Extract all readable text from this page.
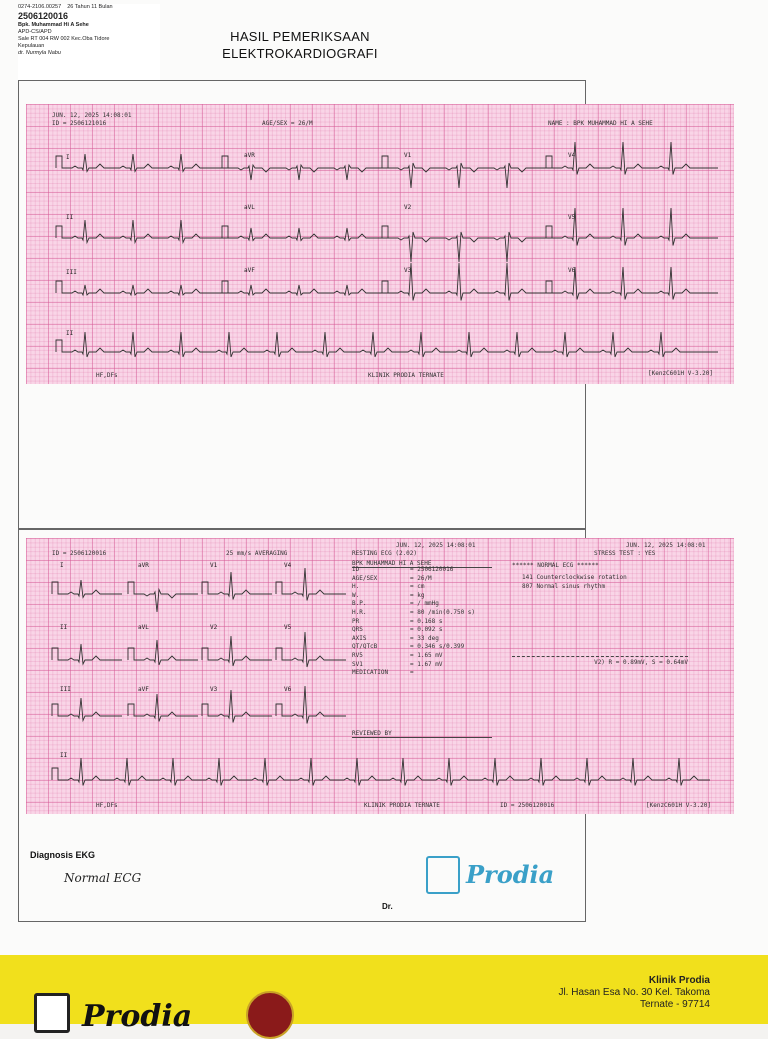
0274-2106.00257 26 Tahun 11 Bulan
2506120016
Bpk. Muhammad Hi A Sehe
APD-CS/APD
Sale RT 004 RW 002 Kec.Oba Tidore
Kepulauan
dr. Nurmyla Nabu
HASIL PEMERIKSAAN
ELEKTROKARDIOGRAFI
JUN. 12, 2025 14:08:01
ID = 2506121016	AGE/SEX = 26/M	NAME : BPK MUHAMMAD HI A SEHE
I	aVR	V1	V4
II
aVL	V2
V5
III	aVF	V3	V6
II
HF,DFs	KLINIK PRODIA TERNATE	[KenzC601H V-3.20]
ID = 2506120016	25 mm/s AVERAGING
JUN. 12, 2025 14:08:01	JUN. 12, 2025 14:08:01
RESTING ECG (2.02)	STRESS TEST : YES
BPK MUHAMMAD HI A SEHE	****** NORMAL ECG ******
141 Counterclockwise rotation
807 Normal sinus rhythm
V2) R = 0.89mV, S = 0.64mV
ID	= 2506120016
AGE/SEX	= 26/M
H.	= cm
W.	= kg
B.P.	= / mmHg
H.R.	= 80 /min(0.750 s)
PR	= 0.168 s
QRS	= 0.092 s
AXIS	= 33 deg
QT/QTcB	= 0.346 s/0.399
RV5	= 1.65 mV
SV1	= 1.67 mV
MEDICATION	=
REVIEWED BY
I	aVR	V1	V4
II	aVL	V2	V5
III	aVF	V3	V6
II
HF,DFs	KLINIK PRODIA TERNATE	ID = 2506120016	[KenzC601H V-3.20]
Diagnosis EKG
Normal ECG
Dr.
Prodia
Klinik Prodia
Jl. Hasan Esa No. 30 Kel. Takoma
Ternate - 97714
Prodia
